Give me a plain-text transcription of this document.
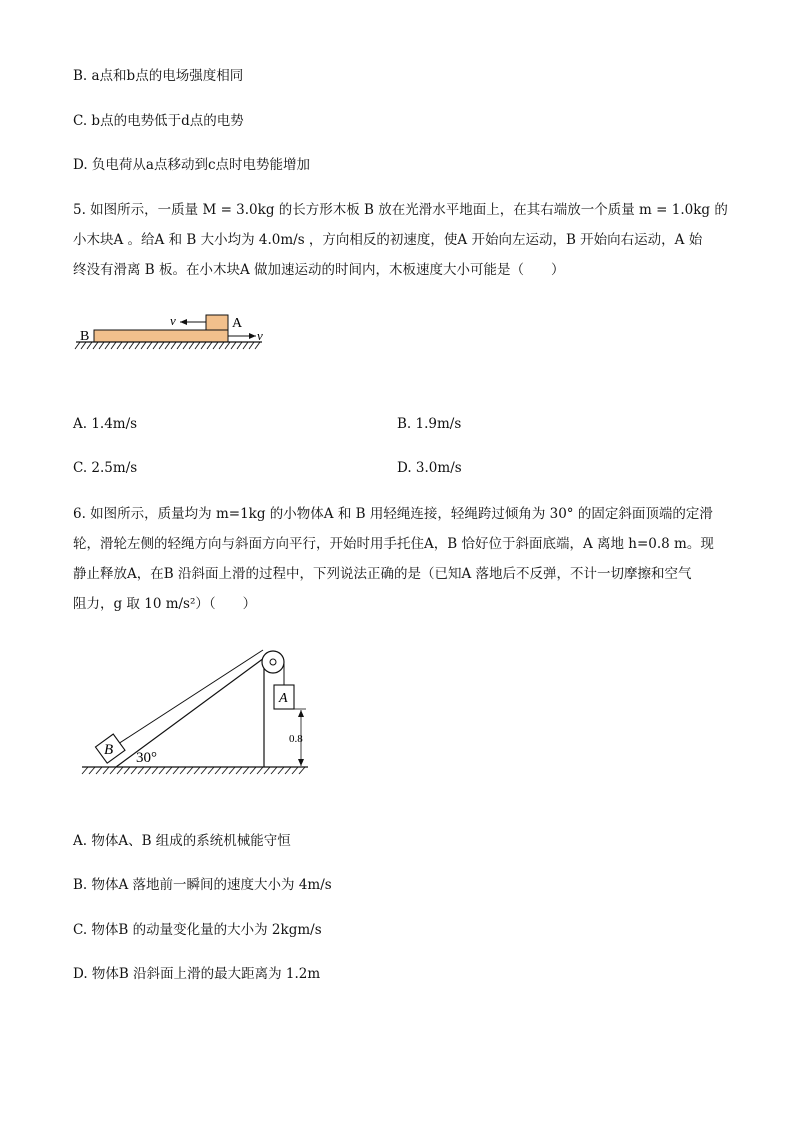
B. a点和b点的电场强度相同
C. b点的电势低于d点的电势
D. 负电荷从a点移动到c点时电势能增加
5. 如图所示，一质量 M = 3.0kg 的长方形木板 B 放在光滑水平地面上，在其右端放一个质量 m = 1.0kg 的
小木块A 。给A 和 B 大小均为 4.0m/s ，方向相反的初速度，使A 开始向左运动，B 开始向右运动，A 始
终没有滑离 B 板。在小木块A 做加速运动的时间内，木板速度大小可能是（　　）
B
A
v
v
A. 1.4m/s	B. 1.9m/s
C. 2.5m/s	D. 3.0m/s
6. 如图所示，质量均为 m=1kg 的小物体A 和 B 用轻绳连接，轻绳跨过倾角为 30° 的固定斜面顶端的定滑
轮，滑轮左侧的轻绳方向与斜面方向平行，开始时用手托住A，B 恰好位于斜面底端，A 离地 h=0.8 m。现
静止释放A，在B 沿斜面上滑的过程中，下列说法正确的是（已知A 落地后不反弹，不计一切摩擦和空气
阻力，g 取 10 m/s²）（　　）
A
B 30°
0.8
A. 物体A、B 组成的系统机械能守恒
B. 物体A 落地前一瞬间的速度大小为 4m/s
C. 物体B 的动量变化量的大小为 2kgm/s
D. 物体B 沿斜面上滑的最大距离为 1.2m
